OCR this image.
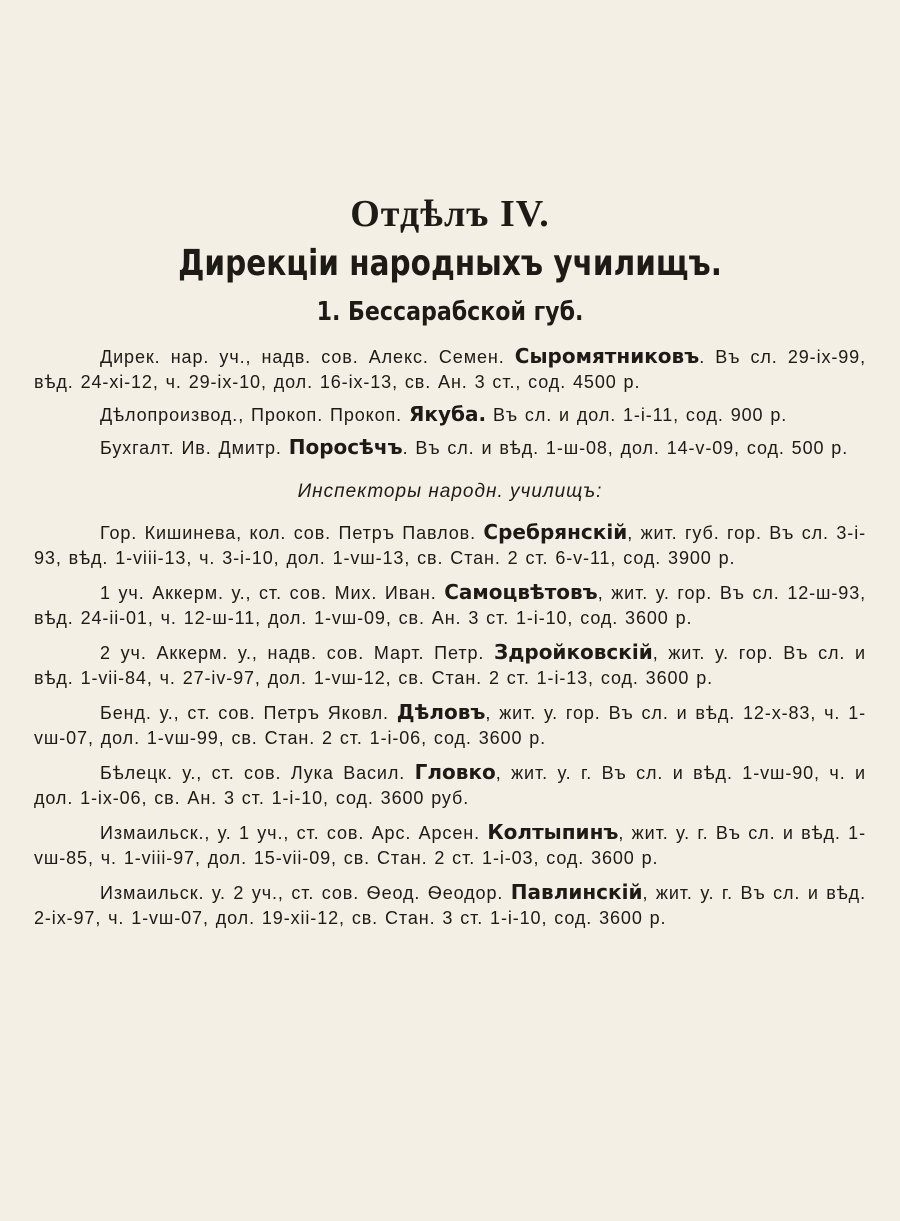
Отдѣлъ IV.
Дирекціи народныхъ училищъ.
1. Бессарабской губ.

Дирек. нар. уч., надв. сов. Алекс. Семен. Сыромятниковъ. Въ сл. 29-ix-99, вѣд. 24-xi-12, ч. 29-ix-10, дол. 16-ix-13, св. Ан. 3 ст., сод. 4500 р.

Дѣлопроизвод., Прокоп. Прокоп. Якуба. Въ сл. и дол. 1-i-11, сод. 900 р.

Бухгалт. Ив. Дмитр. Поросѣчъ. Въ сл. и вѣд. 1-ш-08, дол. 14-v-09, сод. 500 р.

Инспекторы народн. училищъ:

Гор. Кишинева, кол. сов. Петръ Павлов. Сребрянскій, жит. губ. гор. Въ сл. 3-i-93, вѣд. 1-viii-13, ч. 3-i-10, дол. 1-vш-13, св. Стан. 2 ст. 6-v-11, сод. 3900 р.

1 уч. Аккерм. у., ст. сов. Мих. Иван. Самоцвѣтовъ, жит. у. гор. Въ сл. 12-ш-93, вѣд. 24-ii-01, ч. 12-ш-11, дол. 1-vш-09, св. Ан. 3 ст. 1-i-10, сод. 3600 р.

2 уч. Аккерм. у., надв. сов. Март. Петр. Здройковскій, жит. у. гор. Въ сл. и вѣд. 1-vii-84, ч. 27-iv-97, дол. 1-vш-12, св. Стан. 2 ст. 1-i-13, сод. 3600 р.

Бенд. у., ст. сов. Петръ Яковл. Дѣловъ, жит. у. гор. Въ сл. и вѣд. 12-x-83, ч. 1-vш-07, дол. 1-vш-99, св. Стан. 2 ст. 1-i-06, сод. 3600 р.

Бѣлецк. у., ст. сов. Лука Васил. Гловко, жит. у. г. Въ сл. и вѣд. 1-vш-90, ч. и дол. 1-ix-06, св. Ан. 3 ст. 1-i-10, сод. 3600 руб.

Измаильск., у. 1 уч., ст. сов. Арс. Арсен. Колтыпинъ, жит. у. г. Въ сл. и вѣд. 1-vш-85, ч. 1-viii-97, дол. 15-vii-09, св. Стан. 2 ст. 1-i-03, сод. 3600 р.

Измаильск. у. 2 уч., ст. сов. Ѳеод. Ѳеодор. Павлинскій, жит. у. г. Въ сл. и вѣд. 2-ix-97, ч. 1-vш-07, дол. 19-xii-12, св. Стан. 3 ст. 1-i-10, сод. 3600 р.
